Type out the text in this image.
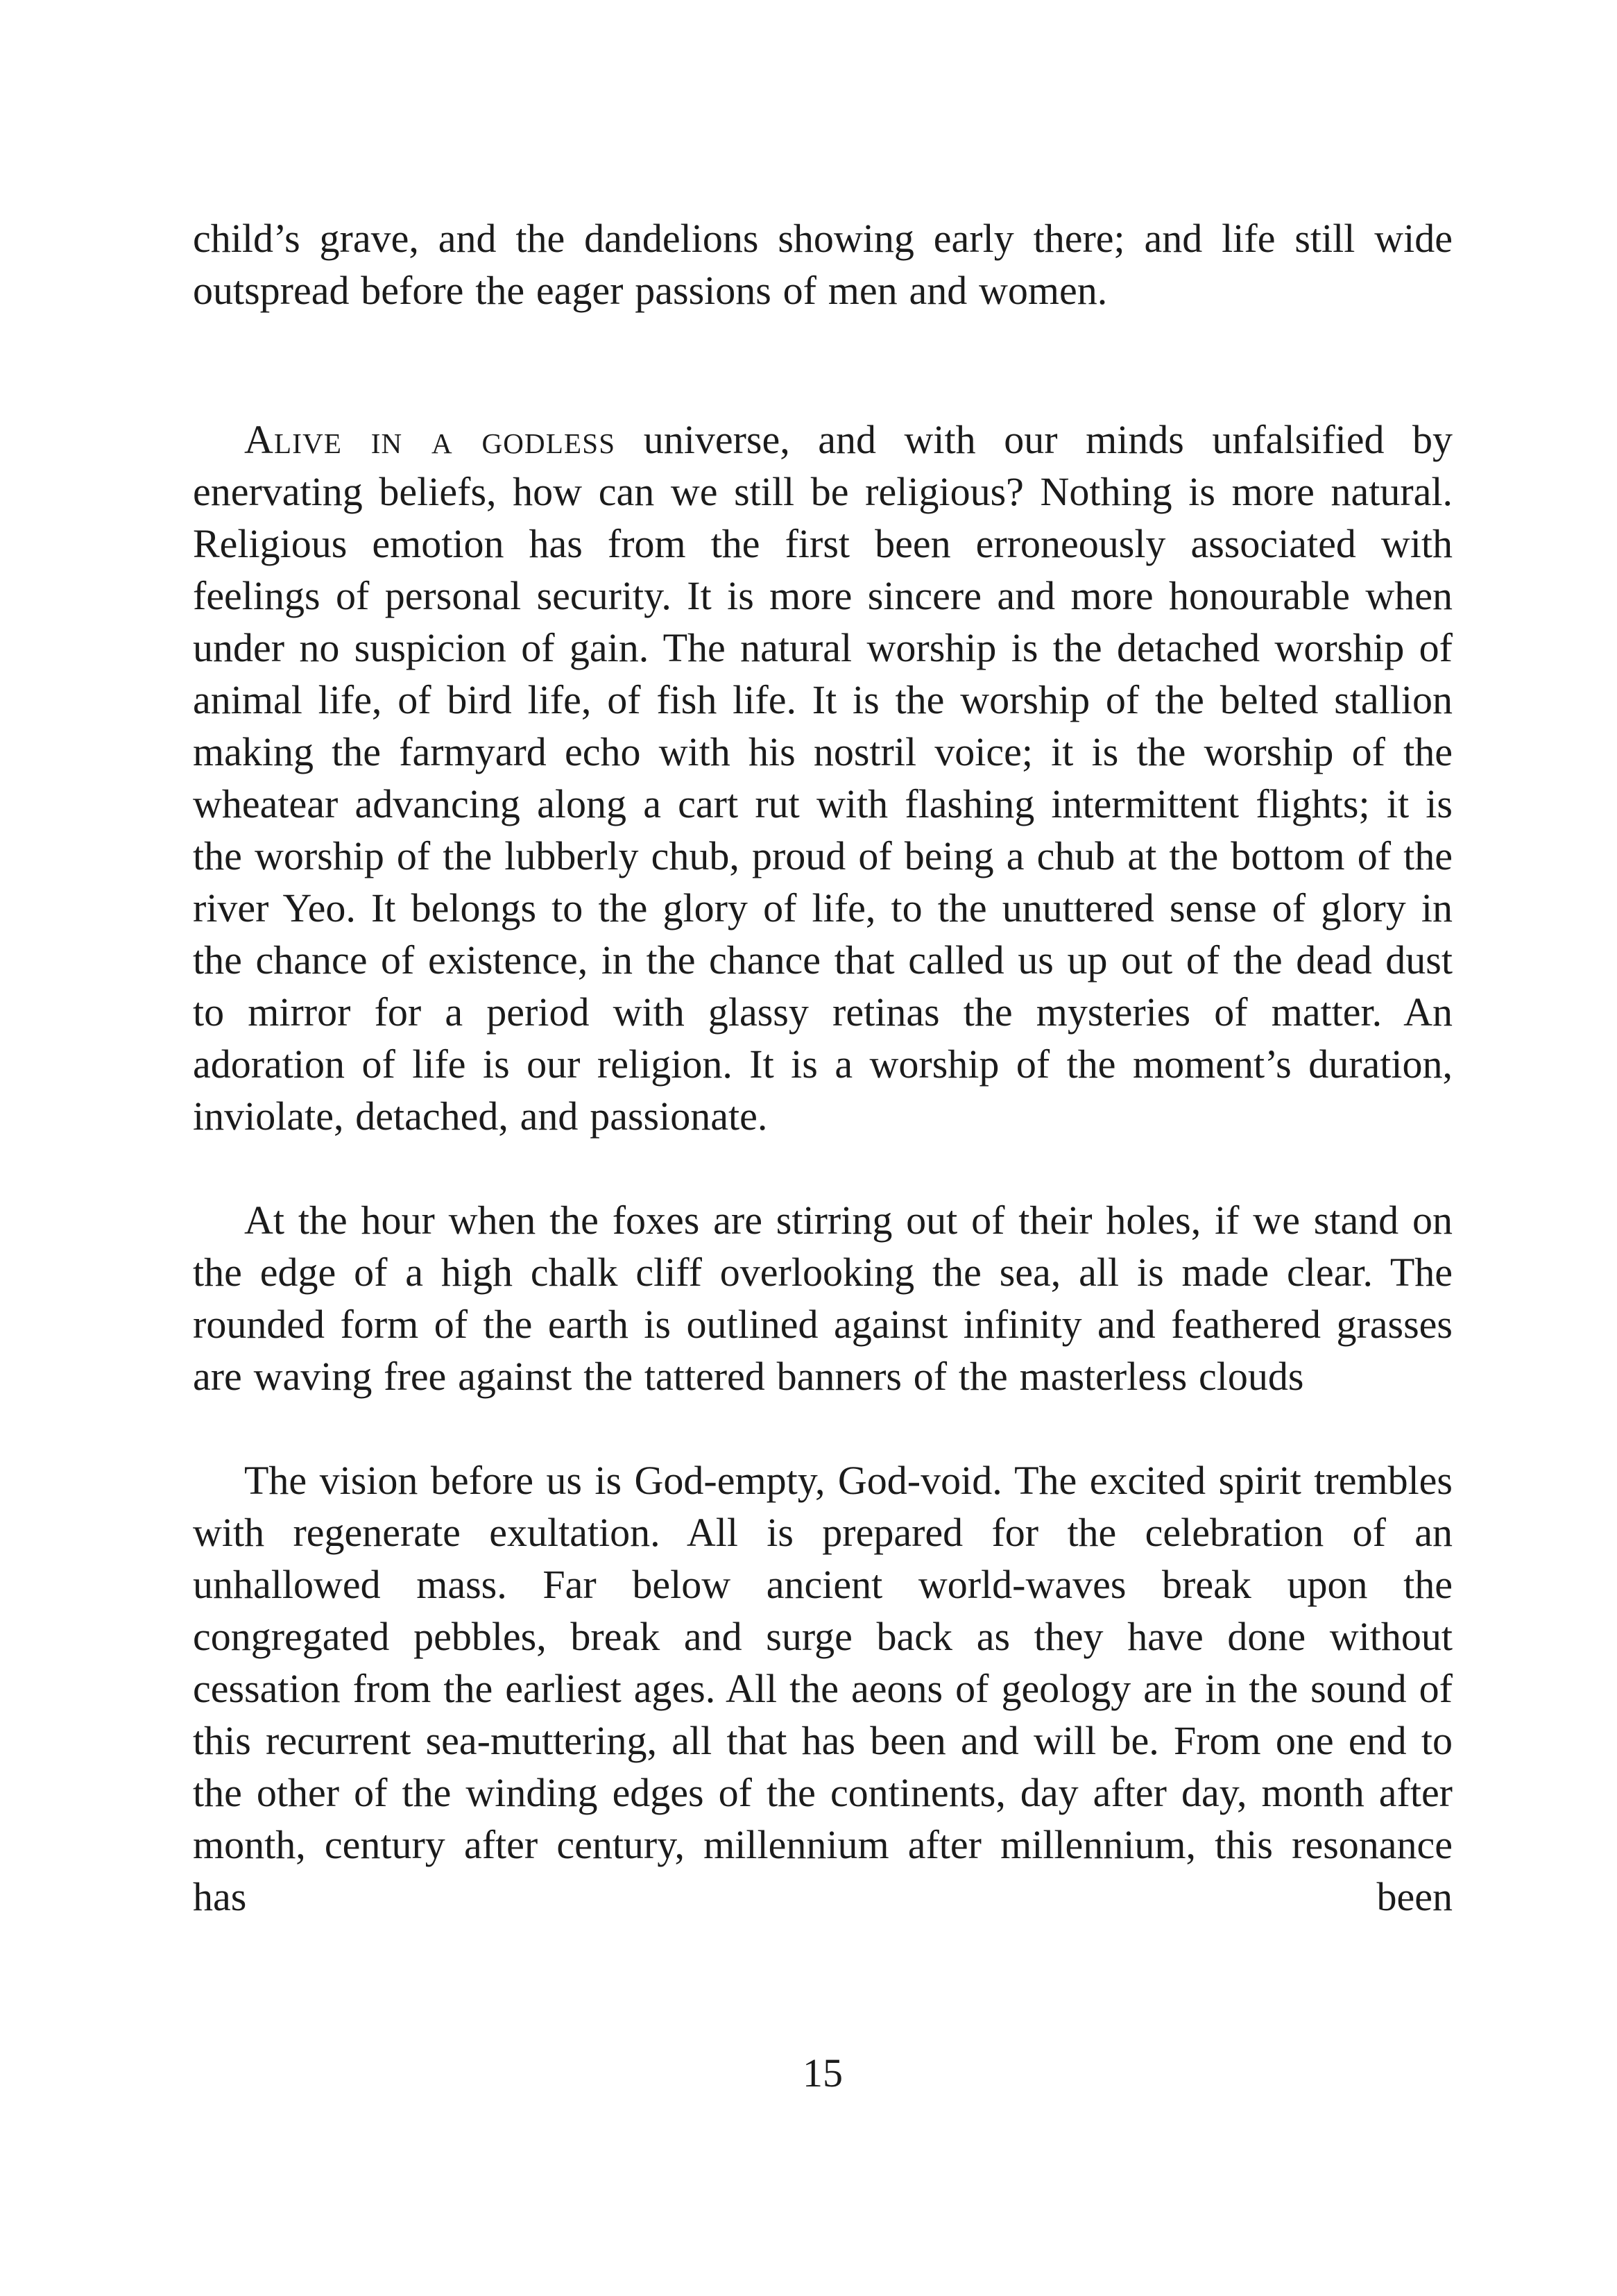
child’s grave, and the dandelions showing early there; and life still wide outspread before the eager passions of men and women.

Alive in a godless universe, and with our minds unfalsified by enervating beliefs, how can we still be religious? Nothing is more natural. Religious emotion has from the first been erroneously associated with feelings of personal security. It is more sincere and more honourable when under no suspicion of gain. The natural worship is the detached worship of animal life, of bird life, of fish life. It is the worship of the belted stallion making the farmyard echo with his nostril voice; it is the worship of the wheatear advancing along a cart rut with flashing intermittent flights; it is the worship of the lubberly chub, proud of being a chub at the bottom of the river Yeo. It belongs to the glory of life, to the unuttered sense of glory in the chance of existence, in the chance that called us up out of the dead dust to mirror for a period with glassy retinas the mysteries of matter. An adoration of life is our religion. It is a worship of the moment’s duration, inviolate, detached, and passionate.

At the hour when the foxes are stirring out of their holes, if we stand on the edge of a high chalk cliff overlooking the sea, all is made clear. The rounded form of the earth is outlined against infinity and feathered grasses are waving free against the tattered banners of the masterless clouds

The vision before us is God-empty, God-void. The excited spirit trembles with regenerate exultation. All is prepared for the celebration of an unhallowed mass. Far below ancient world-waves break upon the congregated pebbles, break and surge back as they have done without cessation from the earliest ages. All the aeons of geology are in the sound of this recurrent sea-muttering, all that has been and will be. From one end to the other of the winding edges of the continents, day after day, month after month, century after century, millennium after millennium, this resonance has been

15
